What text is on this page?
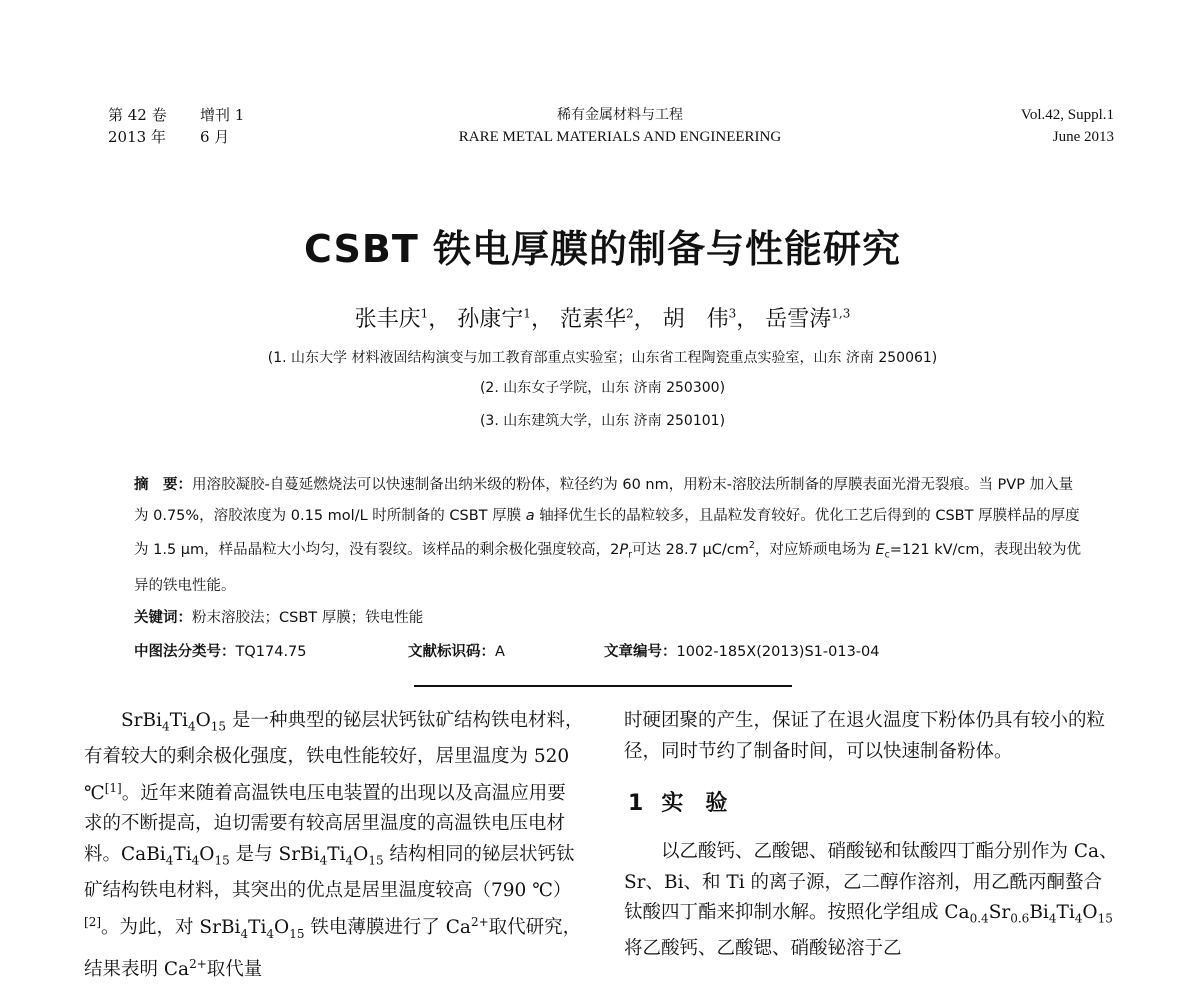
第 42 卷 增刊 1
2013 年 6 月
稀有金属材料与工程
RARE METAL MATERIALS AND ENGINEERING
Vol.42, Suppl.1
June 2013
CSBT 铁电厚膜的制备与性能研究
张丰庆$^1$， 孙康宁$^1$， 范素华$^2$， 胡　伟$^3$， 岳雪涛$^{1,3}$
(1. 山东大学 材料液固结构演变与加工教育部重点实验室；山东省工程陶瓷重点实验室，山东 济南 250061)
(2. 山东女子学院，山东 济南 250300)
(3. 山东建筑大学，山东 济南 250101)

摘　要：用溶胶凝胶-自蔓延燃烧法可以快速制备出纳米级的粉体，粒径约为 60 nm，用粉末-溶胶法所制备的厚膜表面光滑无裂痕。当 PVP 加入量为 0.75%，溶胶浓度为 0.15 mol/L 时所制备的 CSBT 厚膜 a 轴择优生长的晶粒较多，且晶粒发育较好。优化工艺后得到的 CSBT 厚膜样品的厚度为 1.5 μm，样品晶粒大小均匀，没有裂纹。该样品的剩余极化强度较高，$2P_r$可达 28.7 $\mu C/cm^2$，对应矫顽电场为 $E_c=121$ kV/cm，表现出较为优异的铁电性能。

关键词：粉末溶胶法；CSBT 厚膜；铁电性能
中图法分类号：TQ174.75	文献标识码：A	文章编号：1002-185X(2013)S1-013-04

$SrBi_4Ti_4O_{15}$ 是一种典型的铋层状钙钛矿结构铁电材料，有着较大的剩余极化强度，铁电性能较好，居里温度为 520 ℃[1]。近年来随着高温铁电压电装置的出现以及高温应用要求的不断提高，迫切需要有较高居里温度的高温铁电压电材料。$CaBi_4Ti_4O_{15}$ 是与 $SrBi_4Ti_4O_{15}$ 结构相同的铋层状钙钛矿结构铁电材料，其突出的优点是居里温度较高（790 ℃）[2]。为此，对 $SrBi_4Ti_4O_{15}$ 铁电薄膜进行了 $Ca^{2+}$取代研究，结果表明 $Ca^{2+}$取代量

时硬团聚的产生，保证了在退火温度下粉体仍具有较小的粒径，同时节约了制备时间，可以快速制备粉体。

1 实　验

以乙酸钙、乙酸锶、硝酸铋和钛酸四丁酯分别作为 Ca、Sr、Bi、和 Ti 的离子源，乙二醇作溶剂，用乙酰丙酮螯合钛酸四丁酯来抑制水解。按照化学组成 $Ca_{0.4}Sr_{0.6}Bi_4Ti_4O_{15}$ 将乙酸钙、乙酸锶、硝酸铋溶于乙
